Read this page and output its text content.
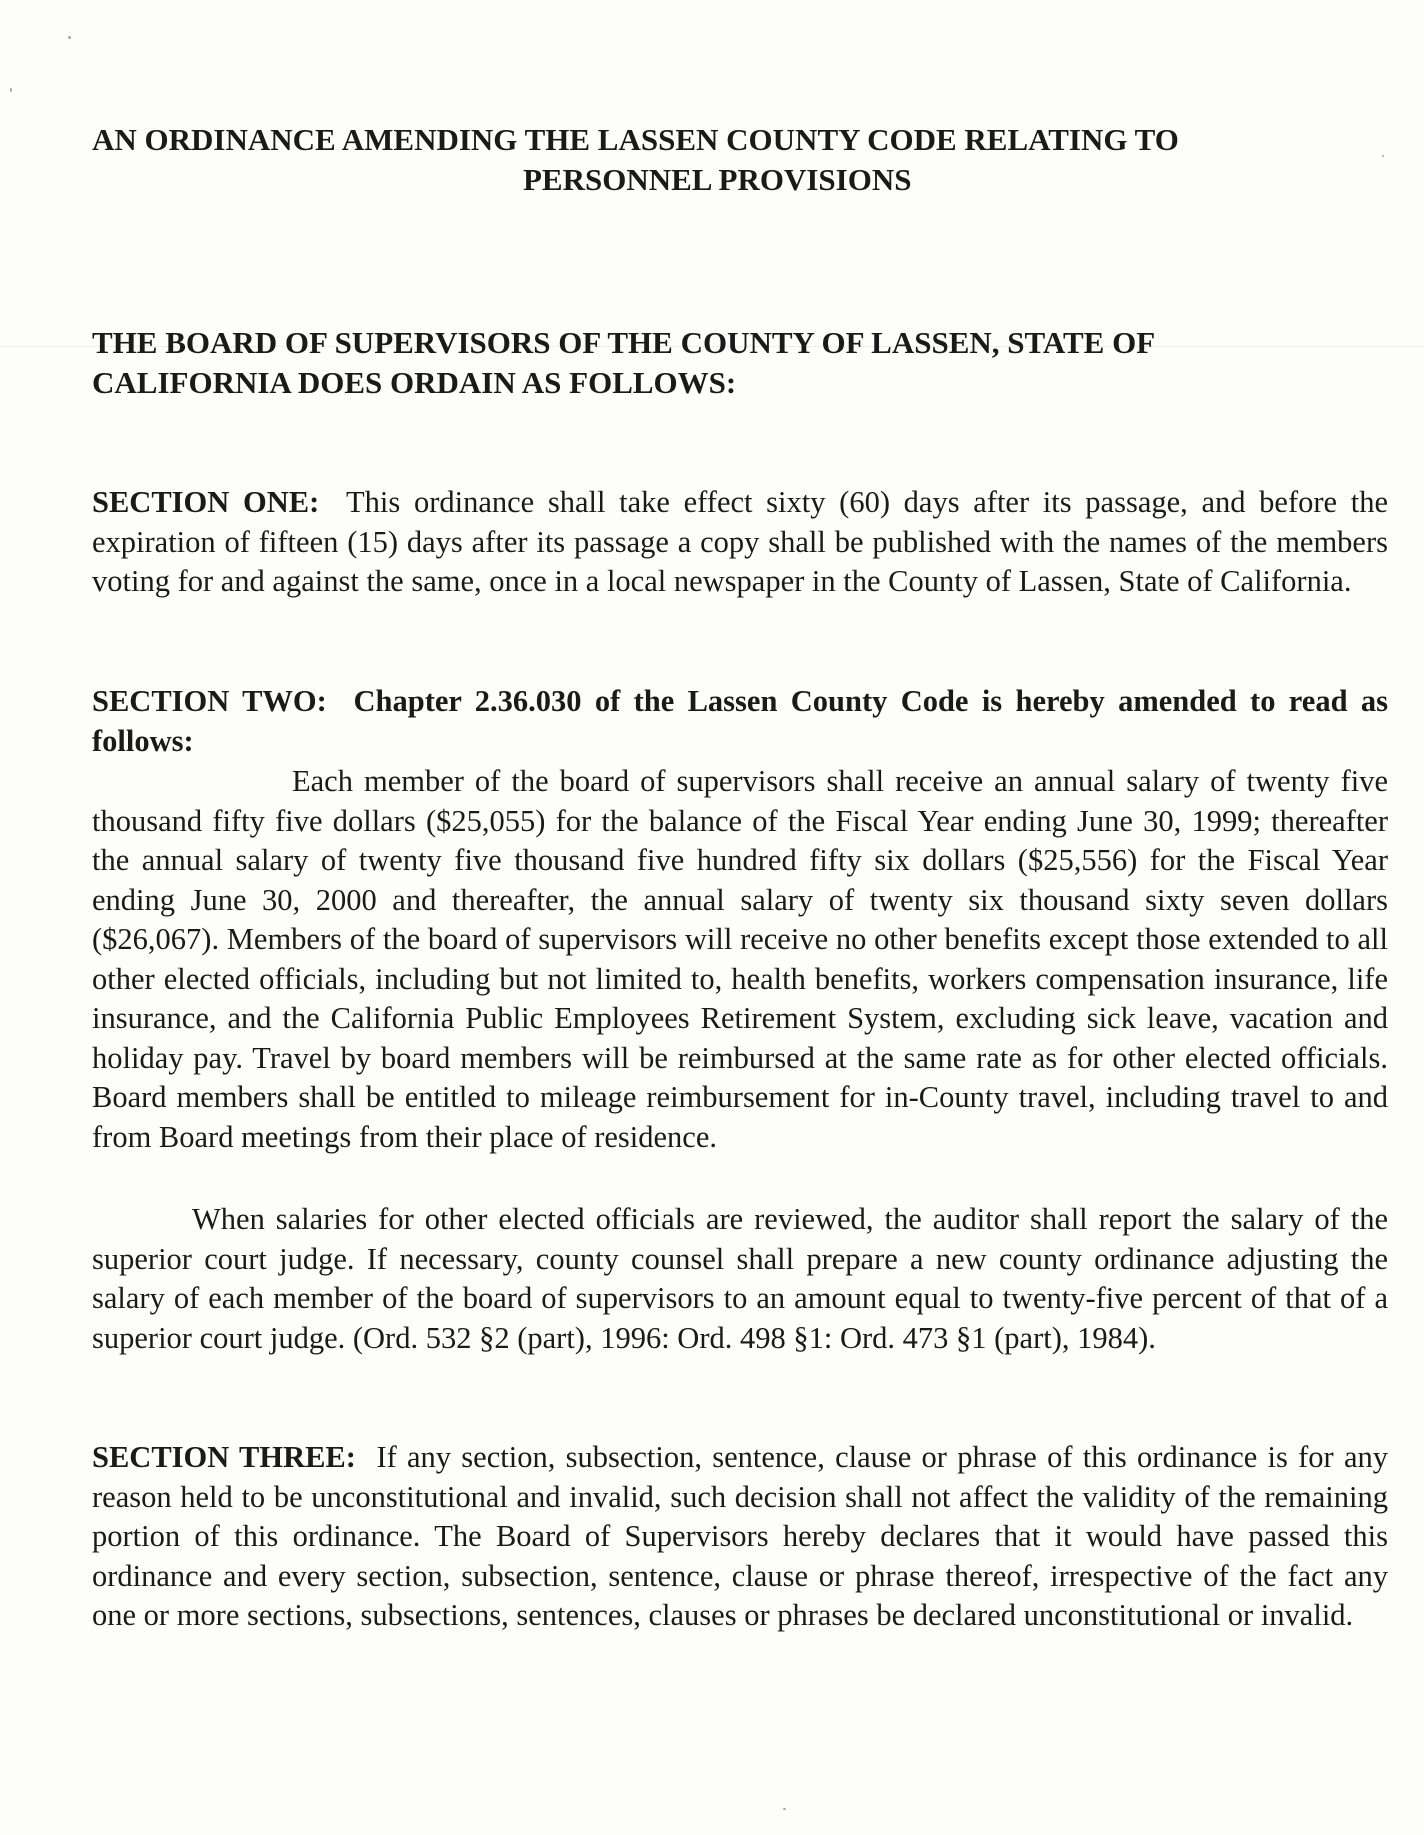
AN ORDINANCE AMENDING THE LASSEN COUNTY CODE RELATING TO
PERSONNEL PROVISIONS
THE BOARD OF SUPERVISORS OF THE COUNTY OF LASSEN, STATE OF
CALIFORNIA DOES ORDAIN AS FOLLOWS:
SECTION ONE: This ordinance shall take effect sixty (60) days after its passage, and before the expiration of fifteen (15) days after its passage a copy shall be published with the names of the members voting for and against the same, once in a local newspaper in the County of Lassen, State of California.
SECTION TWO: Chapter 2.36.030 of the Lassen County Code is hereby amended to read as follows:
Each member of the board of supervisors shall receive an annual salary of twenty five thousand fifty five dollars ($25,055) for the balance of the Fiscal Year ending June 30, 1999; thereafter the annual salary of twenty five thousand five hundred fifty six dollars ($25,556) for the Fiscal Year ending June 30, 2000 and thereafter, the annual salary of twenty six thousand sixty seven dollars ($26,067). Members of the board of supervisors will receive no other benefits except those extended to all other elected officials, including but not limited to, health benefits, workers compensation insurance, life insurance, and the California Public Employees Retirement System, excluding sick leave, vacation and holiday pay. Travel by board members will be reimbursed at the same rate as for other elected officials. Board members shall be entitled to mileage reimbursement for in-County travel, including travel to and from Board meetings from their place of residence.
When salaries for other elected officials are reviewed, the auditor shall report the salary of the superior court judge. If necessary, county counsel shall prepare a new county ordinance adjusting the salary of each member of the board of supervisors to an amount equal to twenty-five percent of that of a superior court judge. (Ord. 532 §2 (part), 1996: Ord. 498 §1: Ord. 473 §1 (part), 1984).
SECTION THREE: If any section, subsection, sentence, clause or phrase of this ordinance is for any reason held to be unconstitutional and invalid, such decision shall not affect the validity of the remaining portion of this ordinance. The Board of Supervisors hereby declares that it would have passed this ordinance and every section, subsection, sentence, clause or phrase thereof, irrespective of the fact any one or more sections, subsections, sentences, clauses or phrases be declared unconstitutional or invalid.
